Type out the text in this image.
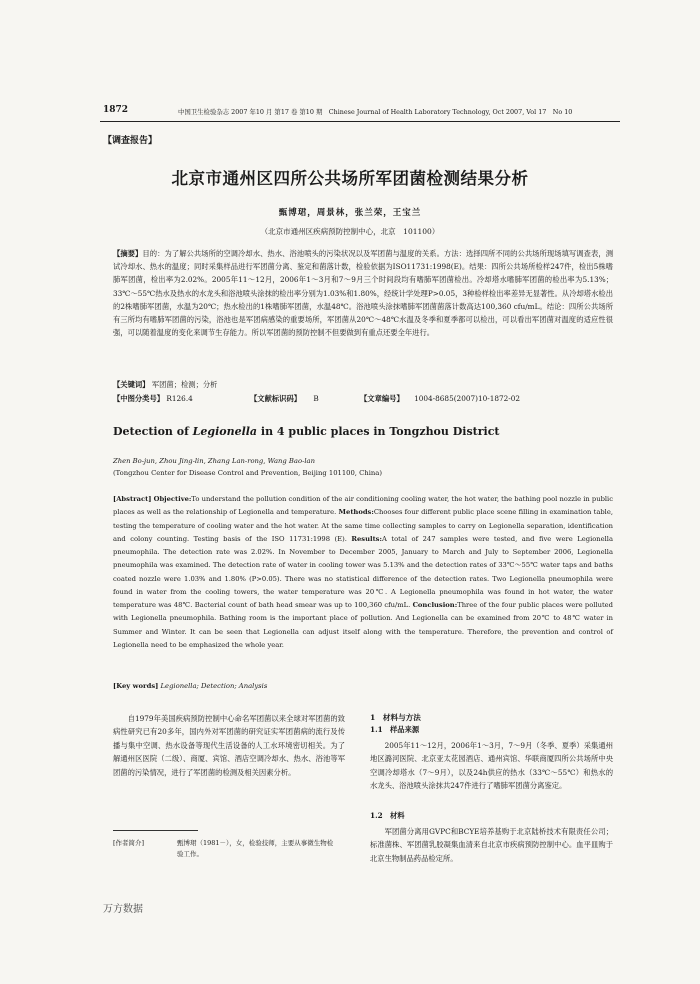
1872	中国卫生检验杂志 2007 年10 月 第17 卷 第10 期　Chinese Journal of Health Laboratory Technology, Oct 2007, Vol 17　No 10
【调查报告】
北京市通州区四所公共场所军团菌检测结果分析
甄博珺，周景林，张兰荣，王宝兰
（北京市通州区疾病预防控制中心，北京　101100）
【摘要】目的：为了解公共场所的空调冷却水、热水、浴池喷头的污染状况以及军团菌与温度的关系。方法：选择四所不同的公共场所现场填写调查表，测试冷却水、热水的温度；同时采集样品进行军团菌分离、鉴定和菌落计数，检验依据为ISO11731:1998(E)。结果：四所公共场所检样247件，检出5株嗜肺军团菌，检出率为2.02%。2005年11～12月，2006年1～3月和7～9月三个时间段均有嗜肺军团菌检出。冷却塔水嗜肺军团菌的检出率为5.13%；33℃～55℃热水及热水的水龙头和浴池喷头涂抹的检出率分别为1.03%和1.80%，经统计学处理P>0.05，3种检样检出率差异无显著性。从冷却塔水检出的2株嗜肺军团菌，水温为20℃；热水检出的1株嗜肺军团菌，水温48℃。浴池喷头涂抹嗜肺军团菌菌落计数高达100,360 cfu/mL。结论：四所公共场所有三所均有嗜肺军团菌的污染，浴池也是军团病感染的重要场所，军团菌从20℃～48℃水温及冬季和夏季都可以检出，可以看出军团菌对温度的适应性很强，可以随着温度的变化来调节生存能力。所以军团菌的预防控制不但要做到有重点还要全年进行。
【关键词】 军团菌；检测；分析
【中图分类号】 R126.4	【文献标识码】 B	【文章编号】 1004-8685(2007)10-1872-02
Detection of Legionella in 4 public places in Tongzhou District
Zhen Bo-jun, Zhou Jing-lin, Zhang Lan-rong, Wang Bao-lan
(Tongzhou Center for Disease Control and Prevention, Beijing 101100, China)
[Abstract] Objective:To understand the pollution condition of the air conditioning cooling water, the hot water, the bathing pool nozzle in public places as well as the relationship of Legionella and temperature. Methods:Chooses four different public place scene filling in examination table, testing the temperature of cooling water and the hot water. At the same time collecting samples to carry on Legionella separation, identification and colony counting. Testing basis of the ISO 11731:1998 (E). Results:A total of 247 samples were tested, and five were Legionella pneumophila. The detection rate was 2.02%. In November to December 2005, January to March and July to September 2006, Legionella pneumophila was examined. The detection rate of water in cooling tower was 5.13% and the detection rates of 33℃～55℃ water taps and baths coated nozzle were 1.03% and 1.80% (P>0.05). There was no statistical difference of the detection rates. Two Legionella pneumophila were found in water from the cooling towers, the water temperature was 20℃. A Legionella pneumophila was found in hot water, the water temperature was 48℃. Bacterial count of bath head smear was up to 100,360 cfu/mL. Conclusion:Three of the four public places were polluted with Legionella pneumophila. Bathing room is the important place of pollution. And Legionella can be examined from 20℃ to 48℃ water in Summer and Winter. It can be seen that Legionella can adjust itself along with the temperature. Therefore, the prevention and control of Legionella need to be emphasized the whole year.
[Key words] Legionella; Detection; Analysis
自1979年美国疾病预防控制中心命名军团菌以来全球对军团菌的致病性研究已有20多年，国内外对军团菌的研究证实军团菌病的流行及传播与集中空调、热水设备等现代生活设备的人工水环境密切相关。为了解通州区医院（二级）、商厦、宾馆、酒店空调冷却水、热水、浴池等军团菌的污染情况，进行了军团菌的检测及相关因素分析。
1　材料与方法
1.1　样品来源
2005年11～12月，2006年1～3月，7～9月（冬季、夏季）采集通州地区潞河医院、北京亚太花园酒店、通州宾馆、华联商厦四所公共场所中央空调冷却塔水（7～9月），以及24h供应的热水（33℃～55℃）和热水的水龙头、浴池喷头涂抹共247件进行了嗜肺军团菌分离鉴定。
1.2　材料
军团菌分离用GVPC和BCYE培养基购于北京陆桥技术有限责任公司；标准菌株、军团菌乳胶凝集血清来自北京市疾病预防控制中心。血平皿购于北京生物制品药品检定所。
[作者简介]	甄博珺（1981－），女，检验技师，主要从事微生物检验工作。
万方数据
